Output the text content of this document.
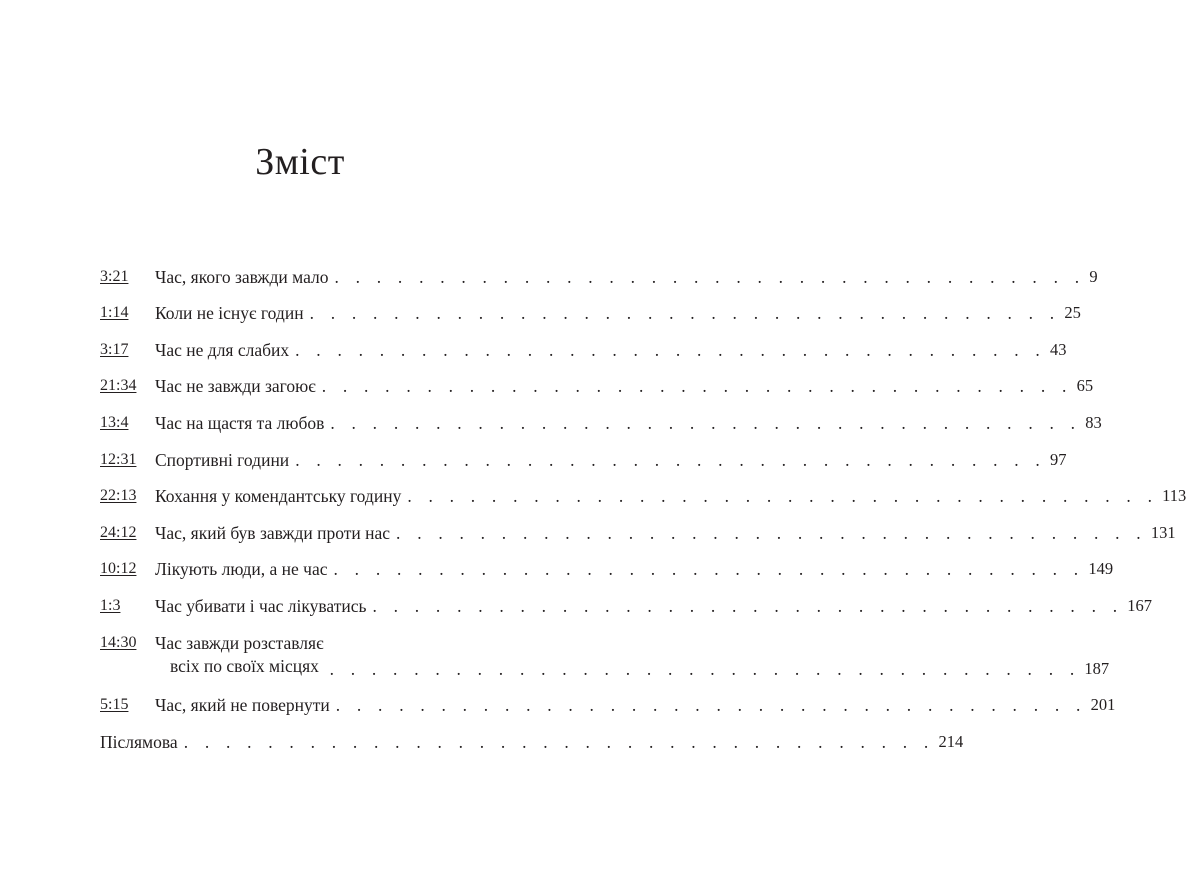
Зміст
3:21	Час, якого завжди мало . . . . . . . . . . . . . . . . . . . . . . . . . . . . . . . . . . . . 9
1:14	Коли не існує годин . . . . . . . . . . . . . . . . . . . . . . . . . . . . . . . . . . . . 25
3:17	Час не для слабих . . . . . . . . . . . . . . . . . . . . . . . . . . . . . . . . . . . . 43
21:34	Час не завжди загоює . . . . . . . . . . . . . . . . . . . . . . . . . . . . . . . . . . . . 65
13:4	Час на щастя та любов . . . . . . . . . . . . . . . . . . . . . . . . . . . . . . . . . . . . 83
12:31	Спортивні години . . . . . . . . . . . . . . . . . . . . . . . . . . . . . . . . . . . . 97
22:13	Кохання у комендантську годину . . . . . . . . . . . . . . . . . . . . . . . . . . . . . . . . . . . . 113
24:12	Час, який був завжди проти нас . . . . . . . . . . . . . . . . . . . . . . . . . . . . . . . . . . . . 131
10:12	Лікують люди, а не час . . . . . . . . . . . . . . . . . . . . . . . . . . . . . . . . . . . . 149
1:3	Час убивати і час лікуватись . . . . . . . . . . . . . . . . . . . . . . . . . . . . . . . . . . . . 167
14:30	Час завжди розставляє
всіх по своїх місцях . . . . . . . . . . . . . . . . . . . . . . . . . . . . . . . . . . . . 187
5:15	Час, який не повернути . . . . . . . . . . . . . . . . . . . . . . . . . . . . . . . . . . . . 201
Післямова . . . . . . . . . . . . . . . . . . . . . . . . . . . . . . . . . . . . 214
